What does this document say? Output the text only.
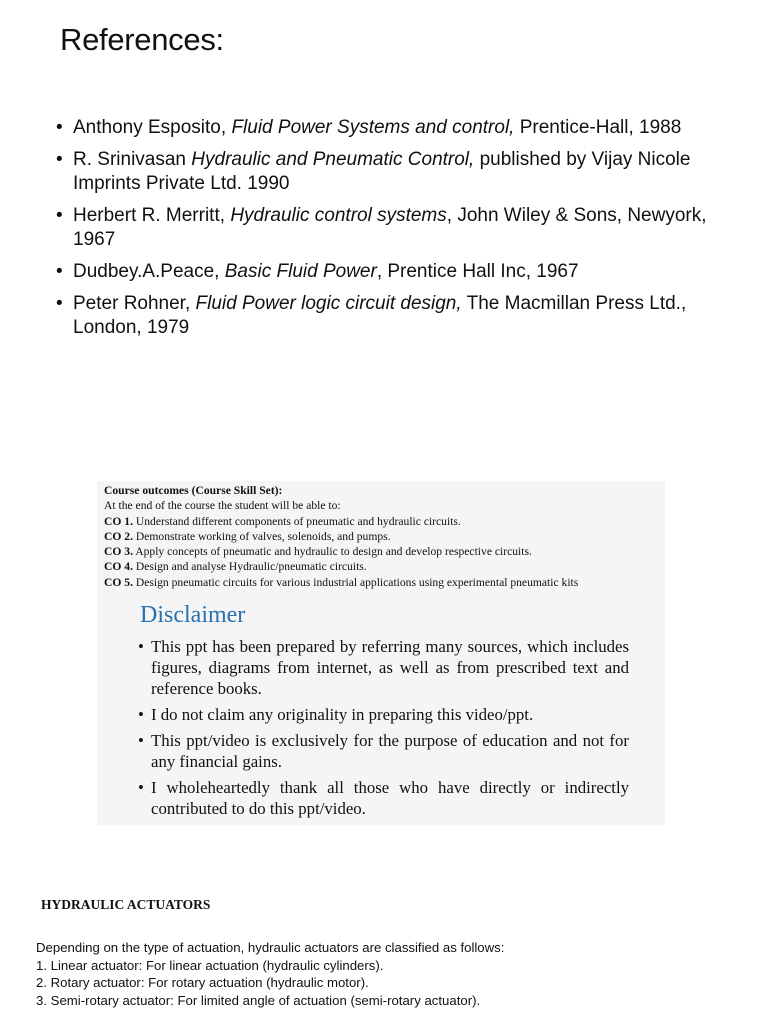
References:
• Anthony Esposito, Fluid Power Systems and control, Prentice-Hall, 1988
• R. Srinivasan Hydraulic and Pneumatic Control, published by Vijay Nicole Imprints Private Ltd. 1990
• Herbert R. Merritt, Hydraulic control systems, John Wiley & Sons, Newyork, 1967
• Dudbey.A.Peace, Basic Fluid Power, Prentice Hall Inc, 1967
• Peter Rohner, Fluid Power logic circuit design, The Macmillan Press Ltd., London, 1979
Course outcomes (Course Skill Set):
At the end of the course the student will be able to:
CO 1. Understand different components of pneumatic and hydraulic circuits.
CO 2. Demonstrate working of valves, solenoids, and pumps.
CO 3. Apply concepts of pneumatic and hydraulic to design and develop respective circuits.
CO 4. Design and analyse Hydraulic/pneumatic circuits.
CO 5. Design pneumatic circuits for various industrial applications using experimental pneumatic kits
Disclaimer
• This ppt has been prepared by referring many sources, which includes figures, diagrams from internet, as well as from prescribed text and reference books.
• I do not claim any originality in preparing this video/ppt.
• This ppt/video is exclusively for the purpose of education and not for any financial gains.
• I wholeheartedly thank all those who have directly or indirectly contributed to do this ppt/video.
HYDRAULIC ACTUATORS
Depending on the type of actuation, hydraulic actuators are classified as follows:
1. Linear actuator: For linear actuation (hydraulic cylinders).
2. Rotary actuator: For rotary actuation (hydraulic motor).
3. Semi-rotary actuator: For limited angle of actuation (semi-rotary actuator).
